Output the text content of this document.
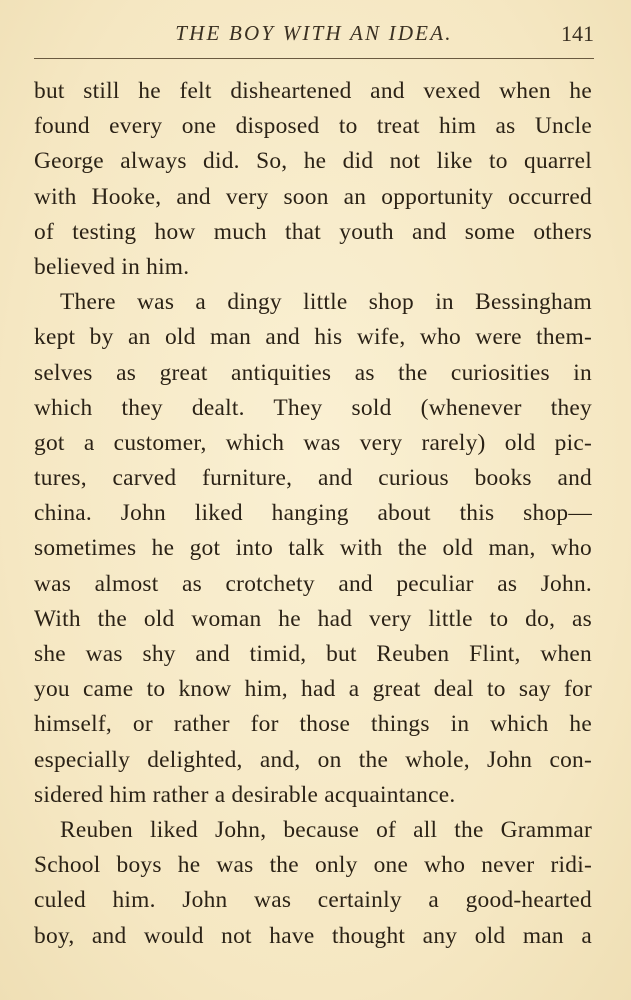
THE BOY WITH AN IDEA.	141
but still he felt disheartened and vexed when he
found every one disposed to treat him as Uncle
George always did. So, he did not like to quarrel
with Hooke, and very soon an opportunity occurred
of testing how much that youth and some others
believed in him.
There was a dingy little shop in Bessingham
kept by an old man and his wife, who were them-
selves as great antiquities as the curiosities in
which they dealt. They sold (whenever they
got a customer, which was very rarely) old pic-
tures, carved furniture, and curious books and
china. John liked hanging about this shop—
sometimes he got into talk with the old man, who
was almost as crotchety and peculiar as John.
With the old woman he had very little to do, as
she was shy and timid, but Reuben Flint, when
you came to know him, had a great deal to say for
himself, or rather for those things in which he
especially delighted, and, on the whole, John con-
sidered him rather a desirable acquaintance.
Reuben liked John, because of all the Grammar
School boys he was the only one who never ridi-
culed him. John was certainly a good-hearted
boy, and would not have thought any old man a
